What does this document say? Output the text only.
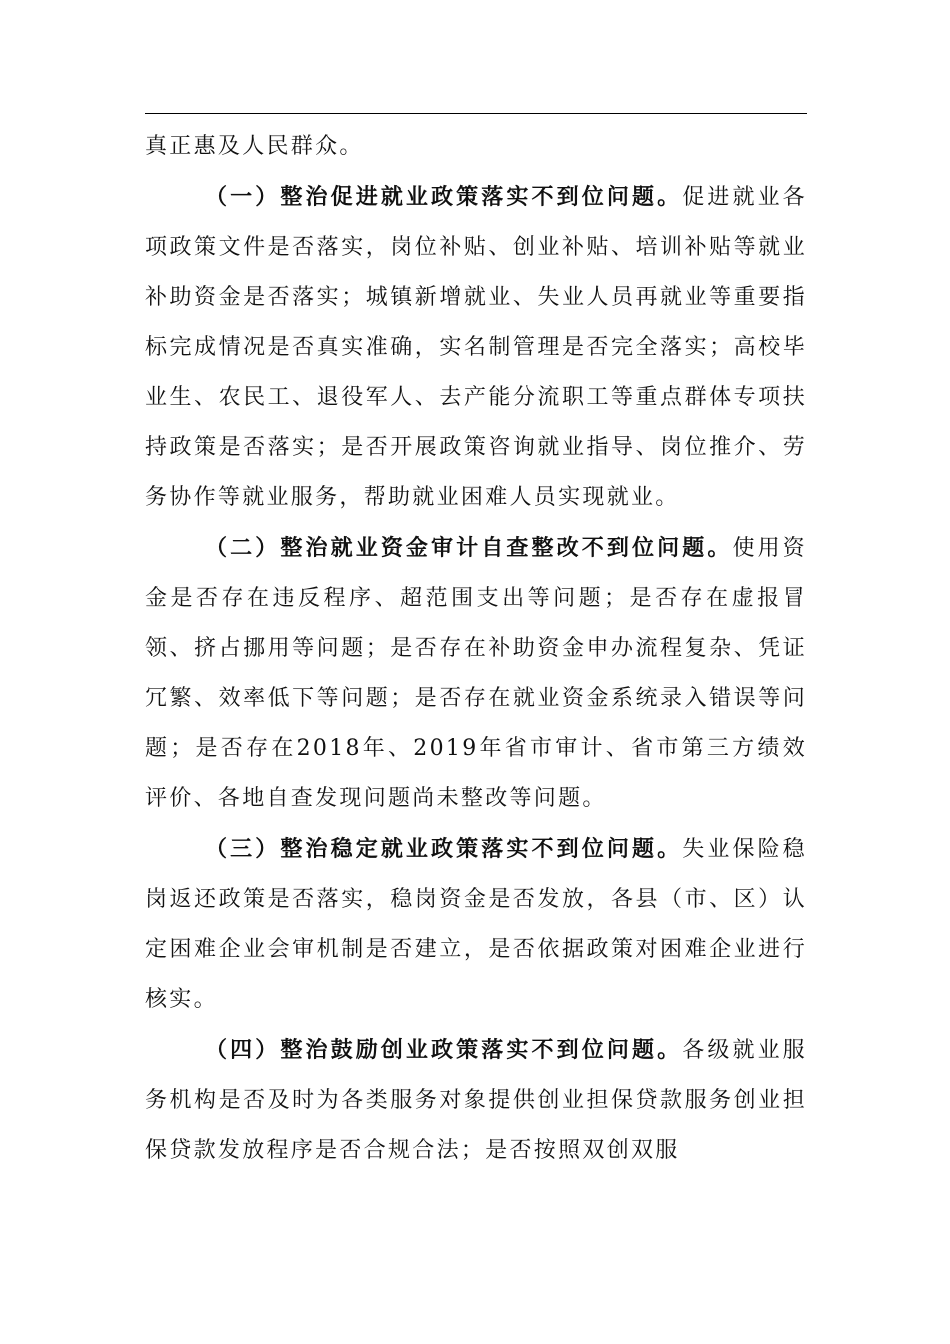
真正惠及人民群众。

（一）整治促进就业政策落实不到位问题。促进就业各项政策文件是否落实，岗位补贴、创业补贴、培训补贴等就业补助资金是否落实；城镇新增就业、失业人员再就业等重要指标完成情况是否真实准确，实名制管理是否完全落实；高校毕业生、农民工、退役军人、去产能分流职工等重点群体专项扶持政策是否落实；是否开展政策咨询就业指导、岗位推介、劳务协作等就业服务，帮助就业困难人员实现就业。

（二）整治就业资金审计自查整改不到位问题。使用资金是否存在违反程序、超范围支出等问题；是否存在虚报冒领、挤占挪用等问题；是否存在补助资金申办流程复杂、凭证冗繁、效率低下等问题；是否存在就业资金系统录入错误等问题；是否存在2018年、2019年省市审计、省市第三方绩效评价、各地自查发现问题尚未整改等问题。

（三）整治稳定就业政策落实不到位问题。失业保险稳岗返还政策是否落实，稳岗资金是否发放，各县（市、区）认定困难企业会审机制是否建立，是否依据政策对困难企业进行核实。

（四）整治鼓励创业政策落实不到位问题。各级就业服务机构是否及时为各类服务对象提供创业担保贷款服务创业担保贷款发放程序是否合规合法；是否按照双创双服
